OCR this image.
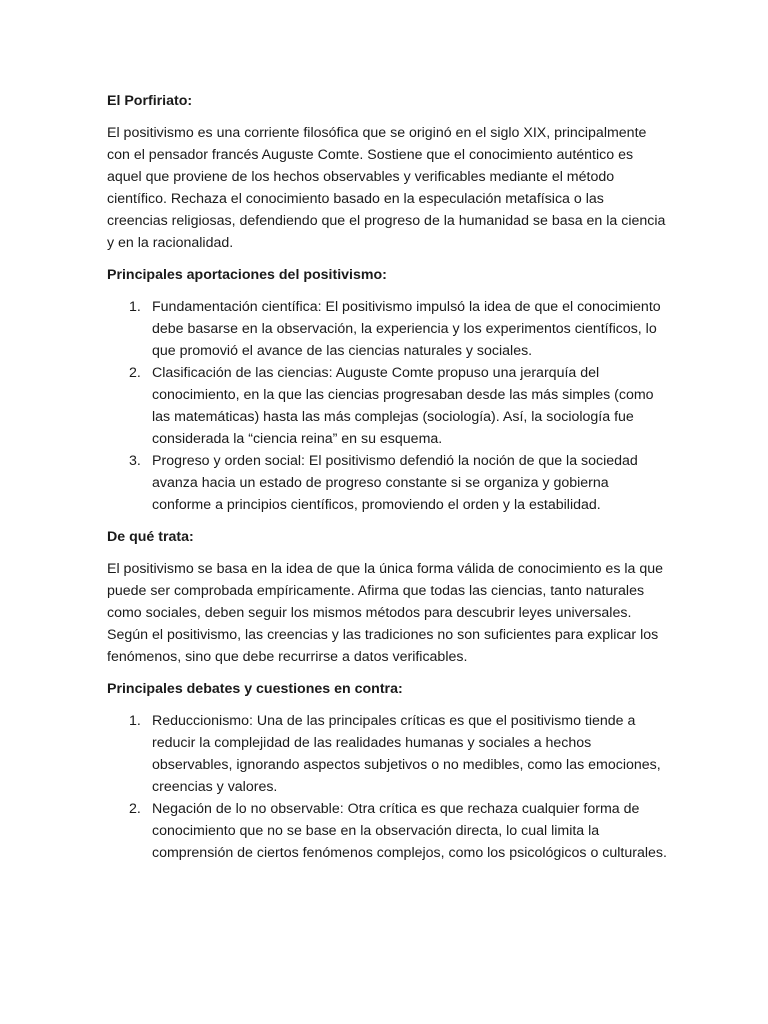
El Porfiriato:

El positivismo es una corriente filosófica que se originó en el siglo XIX, principalmente con el pensador francés Auguste Comte. Sostiene que el conocimiento auténtico es aquel que proviene de los hechos observables y verificables mediante el método científico. Rechaza el conocimiento basado en la especulación metafísica o las creencias religiosas, defendiendo que el progreso de la humanidad se basa en la ciencia y en la racionalidad.

Principales aportaciones del positivismo:

1. Fundamentación científica: El positivismo impulsó la idea de que el conocimiento debe basarse en la observación, la experiencia y los experimentos científicos, lo que promovió el avance de las ciencias naturales y sociales.
2. Clasificación de las ciencias: Auguste Comte propuso una jerarquía del conocimiento, en la que las ciencias progresaban desde las más simples (como las matemáticas) hasta las más complejas (sociología). Así, la sociología fue considerada la “ciencia reina” en su esquema.
3. Progreso y orden social: El positivismo defendió la noción de que la sociedad avanza hacia un estado de progreso constante si se organiza y gobierna conforme a principios científicos, promoviendo el orden y la estabilidad.

De qué trata:

El positivismo se basa en la idea de que la única forma válida de conocimiento es la que puede ser comprobada empíricamente. Afirma que todas las ciencias, tanto naturales como sociales, deben seguir los mismos métodos para descubrir leyes universales. Según el positivismo, las creencias y las tradiciones no son suficientes para explicar los fenómenos, sino que debe recurrirse a datos verificables.

Principales debates y cuestiones en contra:

1. Reduccionismo: Una de las principales críticas es que el positivismo tiende a reducir la complejidad de las realidades humanas y sociales a hechos observables, ignorando aspectos subjetivos o no medibles, como las emociones, creencias y valores.
2. Negación de lo no observable: Otra crítica es que rechaza cualquier forma de conocimiento que no se base en la observación directa, lo cual limita la comprensión de ciertos fenómenos complejos, como los psicológicos o culturales.
